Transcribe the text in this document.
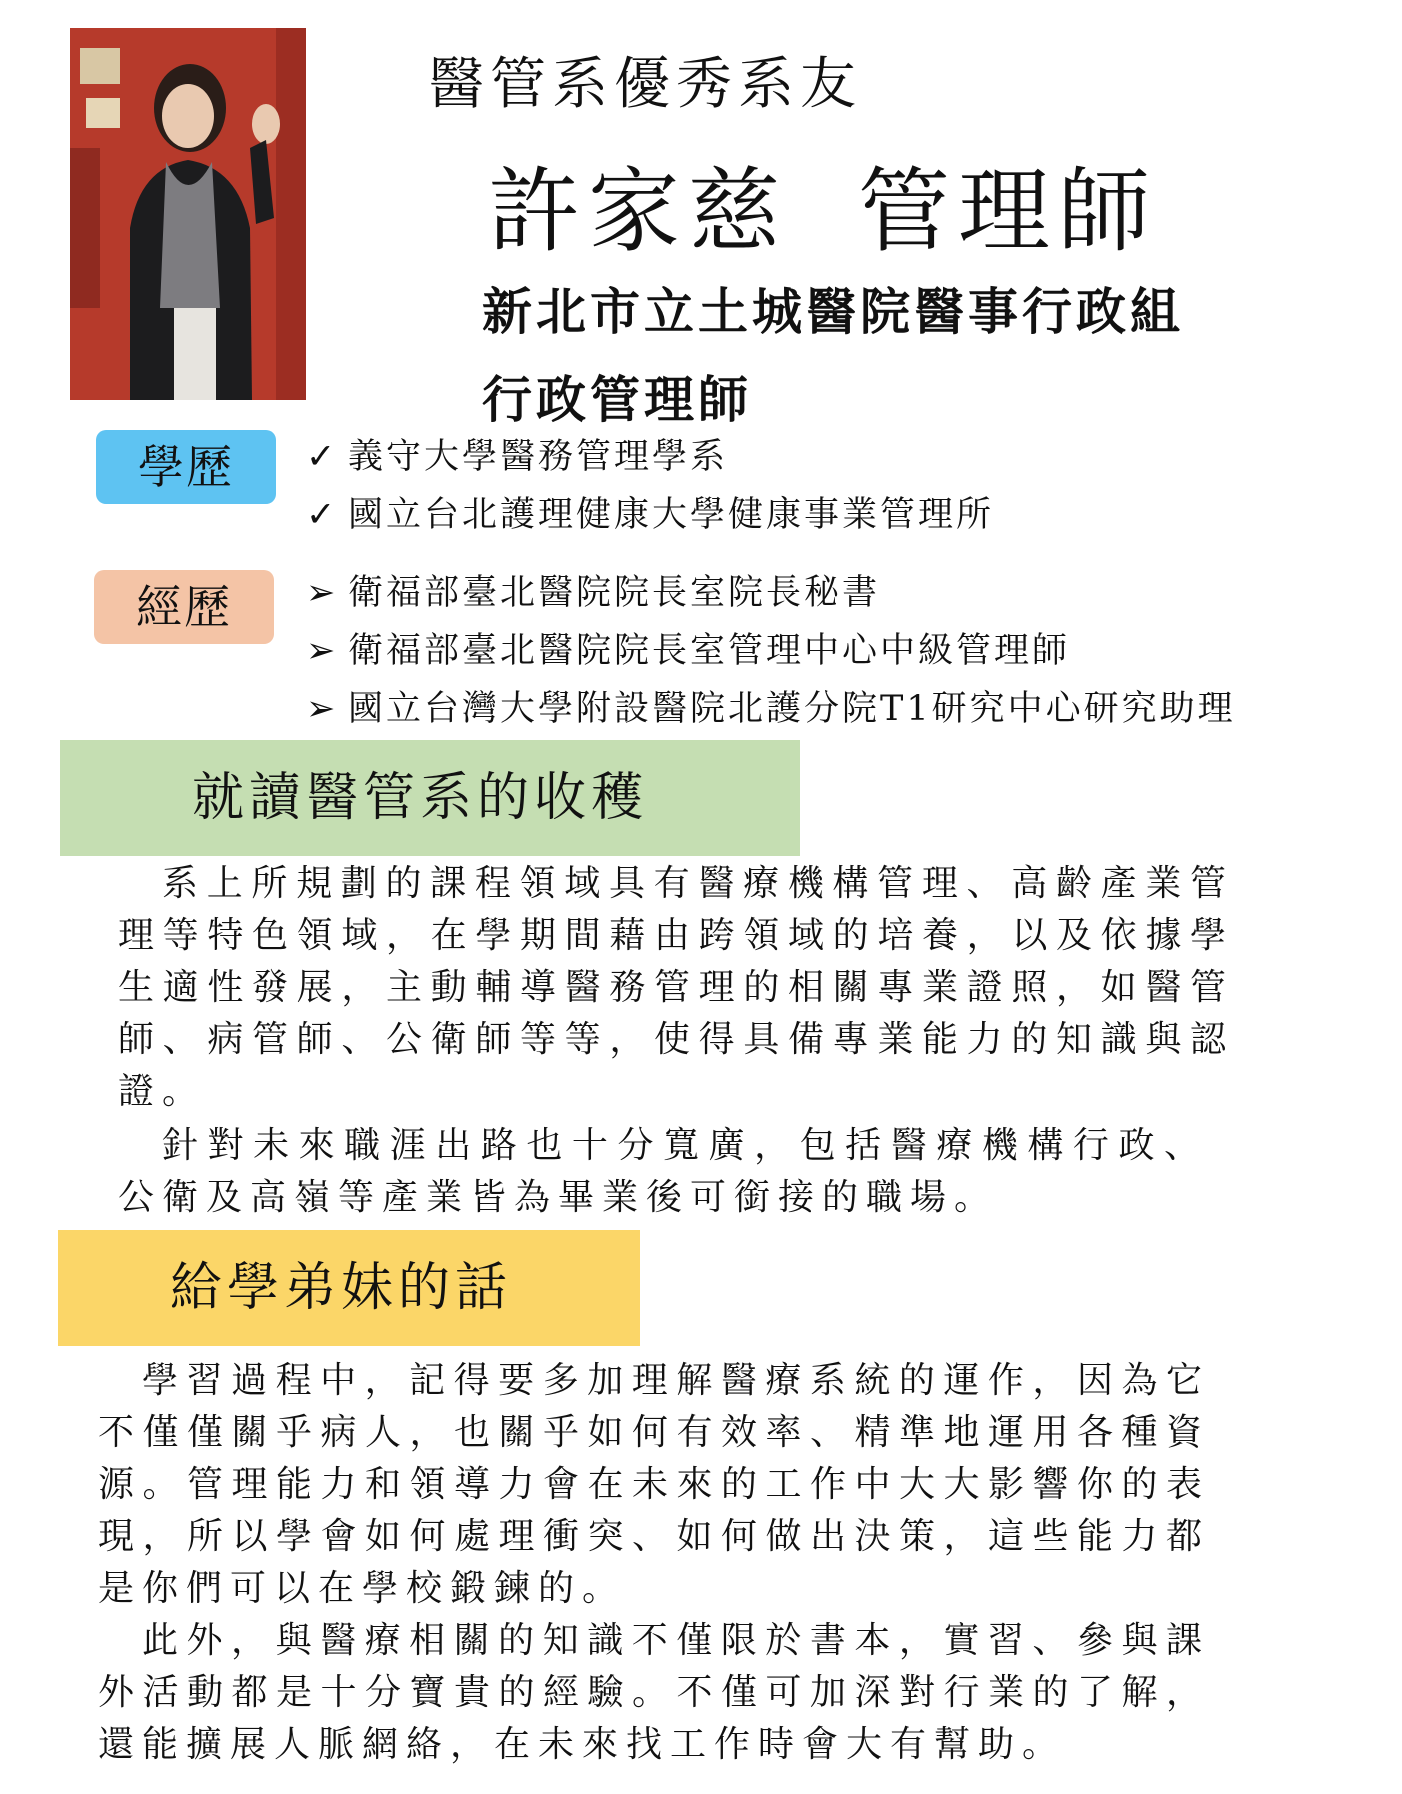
醫管系優秀系友
許家慈 管理師
新北市立土城醫院醫事行政組
行政管理師
學歷	✓ 義守大學醫務管理學系
✓ 國立台北護理健康大學健康事業管理所
經歷	➢ 衛福部臺北醫院院長室院長秘書
➢ 衛福部臺北醫院院長室管理中心中級管理師
➢ 國立台灣大學附設醫院北護分院T1研究中心研究助理
就讀醫管系的收穫

系上所規劃的課程領域具有醫療機構管理、高齡產業管理等特色領域，在學期間藉由跨領域的培養，以及依據學生適性發展，主動輔導醫務管理的相關專業證照，如醫管師、病管師、公衛師等等，使得具備專業能力的知識與認證。

針對未來職涯出路也十分寬廣，包括醫療機構行政、公衛及高嶺等產業皆為畢業後可銜接的職場。

給學弟妹的話

學習過程中，記得要多加理解醫療系統的運作，因為它不僅僅關乎病人，也關乎如何有效率、精準地運用各種資源。管理能力和領導力會在未來的工作中大大影響你的表現，所以學會如何處理衝突、如何做出決策，這些能力都是你們可以在學校鍛鍊的。

此外，與醫療相關的知識不僅限於書本，實習、參與課外活動都是十分寶貴的經驗。不僅可加深對行業的了解，還能擴展人脈網絡，在未來找工作時會大有幫助。
